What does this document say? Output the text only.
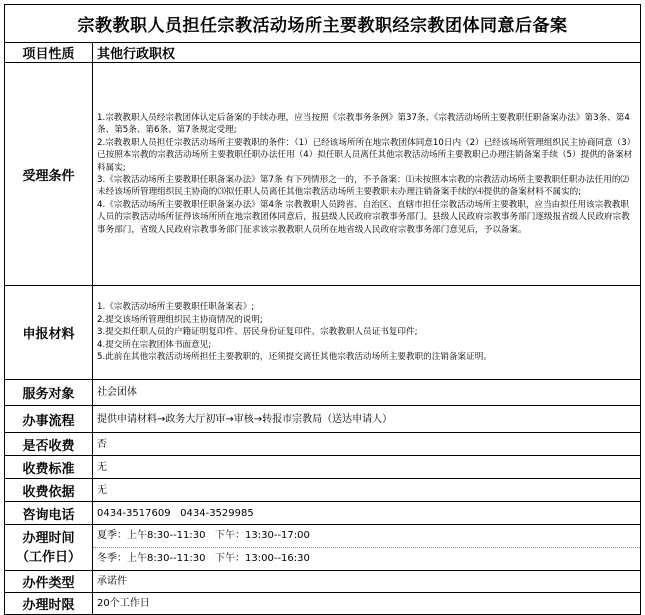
宗教教职人员担任宗教活动场所主要教职经宗教团体同意后备案	
项目性质	其他行政职权
受理条件	1.宗教教职人员经宗教团体认定后备案的手续办理，应当按照《宗教事务条例》第37条、《宗教活动场所主要教职任职备案办法》第3条、第4条、第5条、第6条、第7条规定受理;
2.宗教教职人员担任宗教活动场所主要教职的条件：（1）已经该场所所在地宗教团体同意10日内（2）已经该场所管理组织民主协商同意（3）已按照本宗教的宗教活动场所主要教职任职办法任用（4）拟任职人员离任其他宗教活动场所主要教职已办理注销备案手续（5）提供的备案材料属实;
3.《宗教活动场所主要教职任职备案办法》第7条 有下列情形之一的，不予备案：⑴未按照本宗教的宗教活动场所主要教职任职办法任用的⑵未经该场所管理组织民主协商的⑶拟任职人员离任其他宗教活动场所主要教职未办理注销备案手续的⑷提供的备案材料不属实的;
4.《宗教活动场所主要教职任职备案办法》第4条 宗教教职人员跨省、自治区、直辖市担任宗教活动场所主要教职，应当由拟任用该宗教教职人员的宗教活动场所征得该场所所在地宗教团体同意后，报县级人民政府宗教事务部门。县级人民政府宗教事务部门逐级报省级人民政府宗教事务部门，省级人民政府宗教事务部门征求该宗教教职人员所在地省级人民政府宗教事务部门意见后，予以备案。

申报材料	1.《宗教活动场所主要教职任职备案表》;
2.提交该场所管理组织民主协商情况的说明;
3.提交拟任职人员的户籍证明复印件、居民身份证复印件、宗教教职人员证书复印件;
4.提交所在宗教团体书面意见;
5.此前在其他宗教活动场所担任主要教职的，还须提交离任其他宗教活动场所主要教职的注销备案证明。

服务对象	社会团体
办事流程	提供申请材料→政务大厅初审→审核→转报市宗教局（送达申请人）
是否收费	否
收费标准	无
收费依据	无
咨询电话	0434-3517609   0434-3529985

办理时间
（工作日）	夏季：上午8:30--11:30   下午：13:30--17:00
冬季：上午8:30--11:30   下午：13:00--16:30

办件类型	承诺件
办理时限	20个工作日
